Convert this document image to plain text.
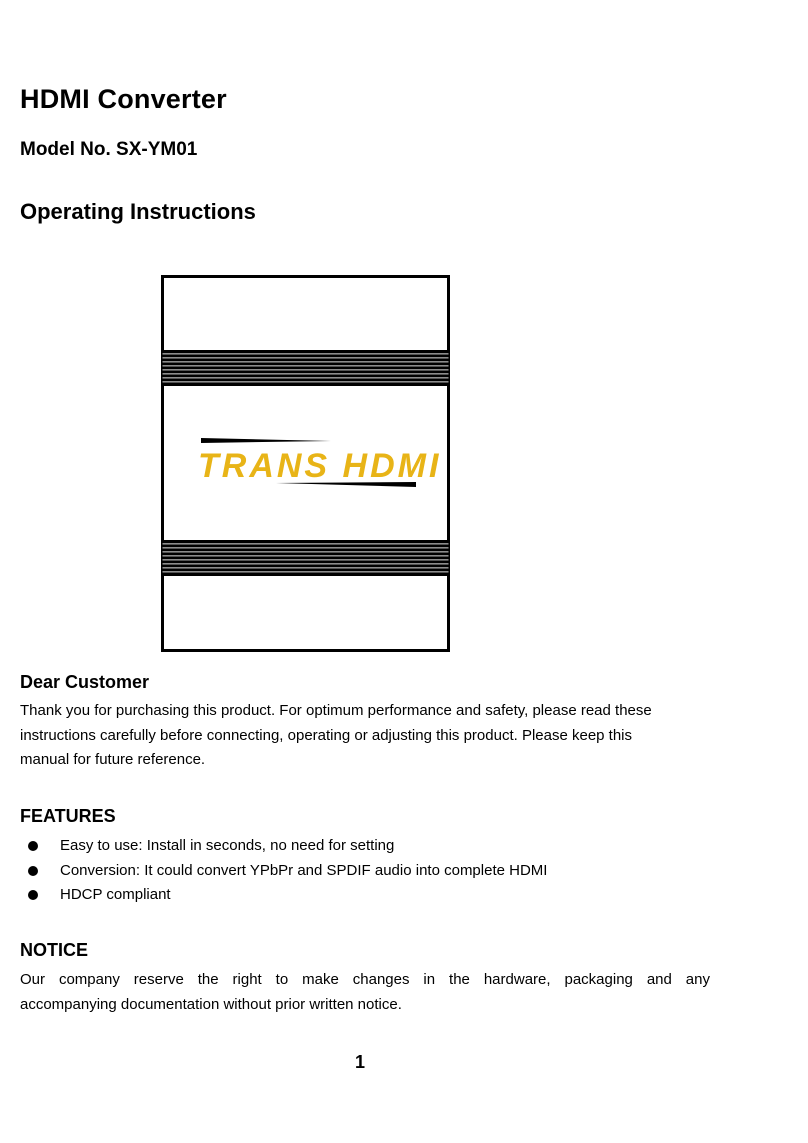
HDMI Converter
Model No. SX-YM01
Operating Instructions
TRANS HDMI
Dear Customer
Thank you for purchasing this product. For optimum performance and safety, please read these
instructions carefully before connecting, operating or adjusting this product. Please keep this
manual for future reference.
FEATURES
Easy to use: Install in seconds, no need for setting
Conversion: It could convert YPbPr and SPDIF audio into complete HDMI
HDCP compliant
NOTICE
Our company reserve the right to make changes in the hardware, packaging and any
accompanying documentation without prior written notice.
1
